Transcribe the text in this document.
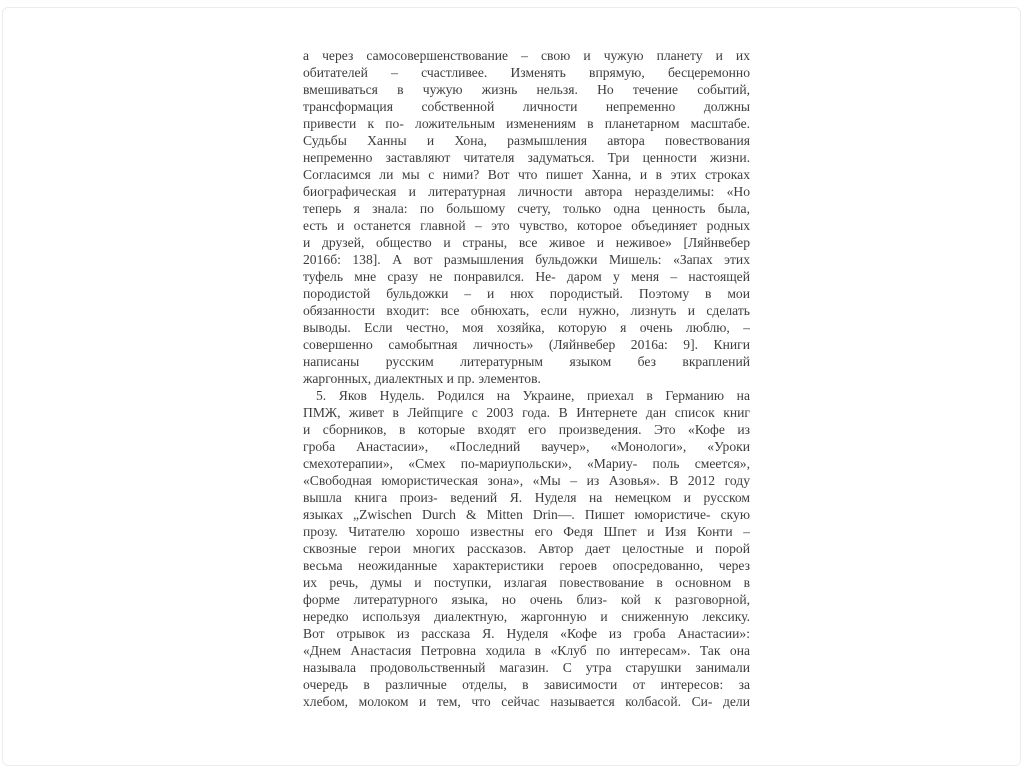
а через самосовершенствование – свою и чужую планету и их
обитателей – счастливее. Изменять впрямую, бесцеремонно
вмешиваться в чужую жизнь нельзя. Но течение событий,
трансформация собственной личности непременно должны
привести к по- ложительным изменениям в планетарном масштабе.
Судьбы Ханны и Хона, размышления автора повествования
непременно заставляют читателя задуматься. Три ценности жизни.
Согласимся ли мы с ними? Вот что пишет Ханна, и в этих строках
биографическая и литературная личности автора неразделимы: «Но
теперь я знала: по большому счету, только одна ценность была,
есть и останется главной – это чувство, которое объединяет родных
и друзей, общество и страны, все живое и неживое» [Ляйнвебер
2016б: 138]. А вот размышления бульдожки Мишель: «Запах этих
туфель мне сразу не понравился. Не- даром у меня – настоящей
породистой бульдожки – и нюх породистый. Поэтому в мои
обязанности входит: все обнюхать, если нужно, лизнуть и сделать
выводы. Если честно, моя хозяйка, которую я очень люблю, –
совершенно самобытная личность» (Ляйнвебер 2016а: 9]. Книги
написаны русским литературным языком без вкраплений
жаргонных, диалектных и пр. элементов.
5. Яков Нудель. Родился на Украине, приехал в Германию на
ПМЖ, живет в Лейпциге с 2003 года. В Интернете дан список книг
и сборников, в которые входят его произведения. Это «Кофе из
гроба Анастасии», «Последний ваучер», «Монологи», «Уроки
смехотерапии», «Смех по-мариупольски», «Мариу- поль смеется»,
«Свободная юмористическая зона», «Мы – из Азовья». В 2012 году
вышла книга произ- ведений Я. Нуделя на немецком и русском
языках „Zwischen Durch & Mitten Drin—. Пишет юмористиче- скую
прозу. Читателю хорошо известны его Федя Шпет и Изя Конти –
сквозные герои многих рассказов. Автор дает целостные и порой
весьма неожиданные характеристики героев опосредованно, через
их речь, думы и поступки, излагая повествование в основном в
форме литературного языка, но очень близ- кой к разговорной,
нередко используя диалектную, жаргонную и сниженную лексику.
Вот отрывок из рассказа Я. Нуделя «Кофе из гроба Анастасии»:
«Днем Анастасия Петровна ходила в «Клуб по интересам». Так она
называла продовольственный магазин. С утра старушки занимали
очередь в различные отделы, в зависимости от интересов: за
хлебом, молоком и тем, что сейчас называется колбасой. Си- дели
